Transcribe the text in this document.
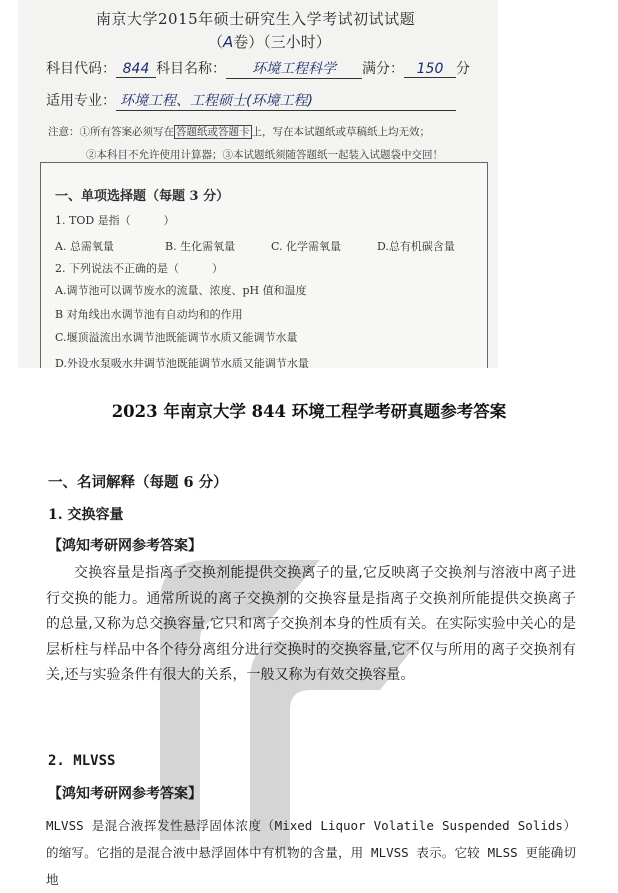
南京大学2015年硕士研究生入学考试初试试题
（A卷）（三小时）
科目代码： 844 科目名称： 环境工程科学 满分： 150 分
适用专业： 环境工程、工程硕士(环境工程)
注意：①所有答案必须写在 答题纸或答题卡 上，写在本试题纸或草稿纸上均无效；
②本科目不允许使用计算器；③本试题纸须随答题纸一起装入试题袋中交回！
一、单项选择题（每题 3 分）
1. TOD 是指（　　　）
A. 总需氧量	B. 生化需氧量	C. 化学需氧量	D.总有机碳含量
2. 下列说法不正确的是（　　　）
A.调节池可以调节废水的流量、浓度、pH 值和温度
B 对角线出水调节池有自动均和的作用
C.堰顶溢流出水调节池既能调节水质又能调节水量
D.外设水泵吸水井调节池既能调节水质又能调节水量
2023 年南京大学 844 环境工程学考研真题参考答案
一、名词解释（每题 6 分）
1. 交换容量
【鸿知考研网参考答案】
交换容量是指离子交换剂能提供交换离子的量,它反映离子交换剂与溶液中离子进行交换的能力。通常所说的离子交换剂的交换容量是指离子交换剂所能提供交换离子的总量,又称为总交换容量,它只和离子交换剂本身的性质有关。在实际实验中关心的是层析柱与样品中各个待分离组分进行交换时的交换容量,它不仅与所用的离子交换剂有关,还与实验条件有很大的关系，一般又称为有效交换容量。
2. MLVSS
【鸿知考研网参考答案】
MLVSS 是混合液挥发性悬浮固体浓度（Mixed Liquor Volatile Suspended Solids）的缩写。它指的是混合液中悬浮固体中有机物的含量，用 MLVSS 表示。它较 MLSS 更能确切地
